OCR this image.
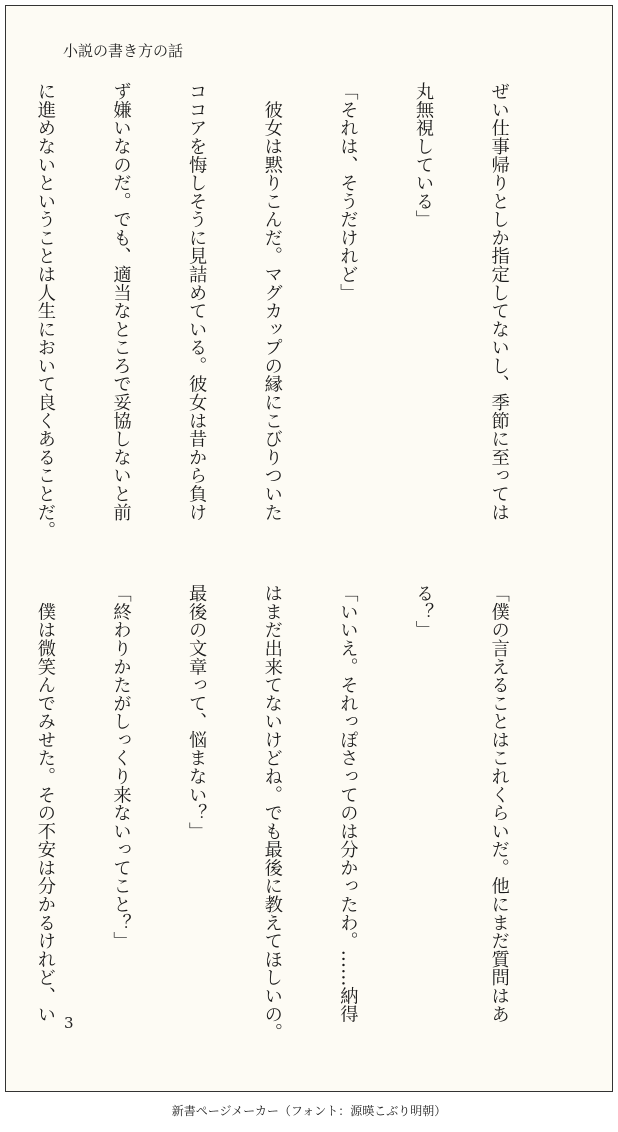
小説の書き方の話

ぜい仕事帰りとしか指定してないし、季節に至っては

丸無視している」

「それは、そうだけれど」

　彼女は黙りこんだ。マグカップの縁にこびりついた

ココアを悔しそうに見詰めている。彼女は昔から負け

ず嫌いなのだ。でも、適当なところで妥協しないと前

に進めないということは人生において良くあることだ。

「僕の言えることはこれくらいだ。他にまだ質問はあ

る？」

「いいえ。それっぽさってのは分かったわ。……納得

はまだ出来てないけどね。でも最後に教えてほしいの。

最後の文章って、悩まない？」

「終わりかたがしっくり来ないってこと？」

　僕は微笑んでみせた。その不安は分かるけれど、い

3
新書ページメーカー（フォント：源暎こぶり明朝）
